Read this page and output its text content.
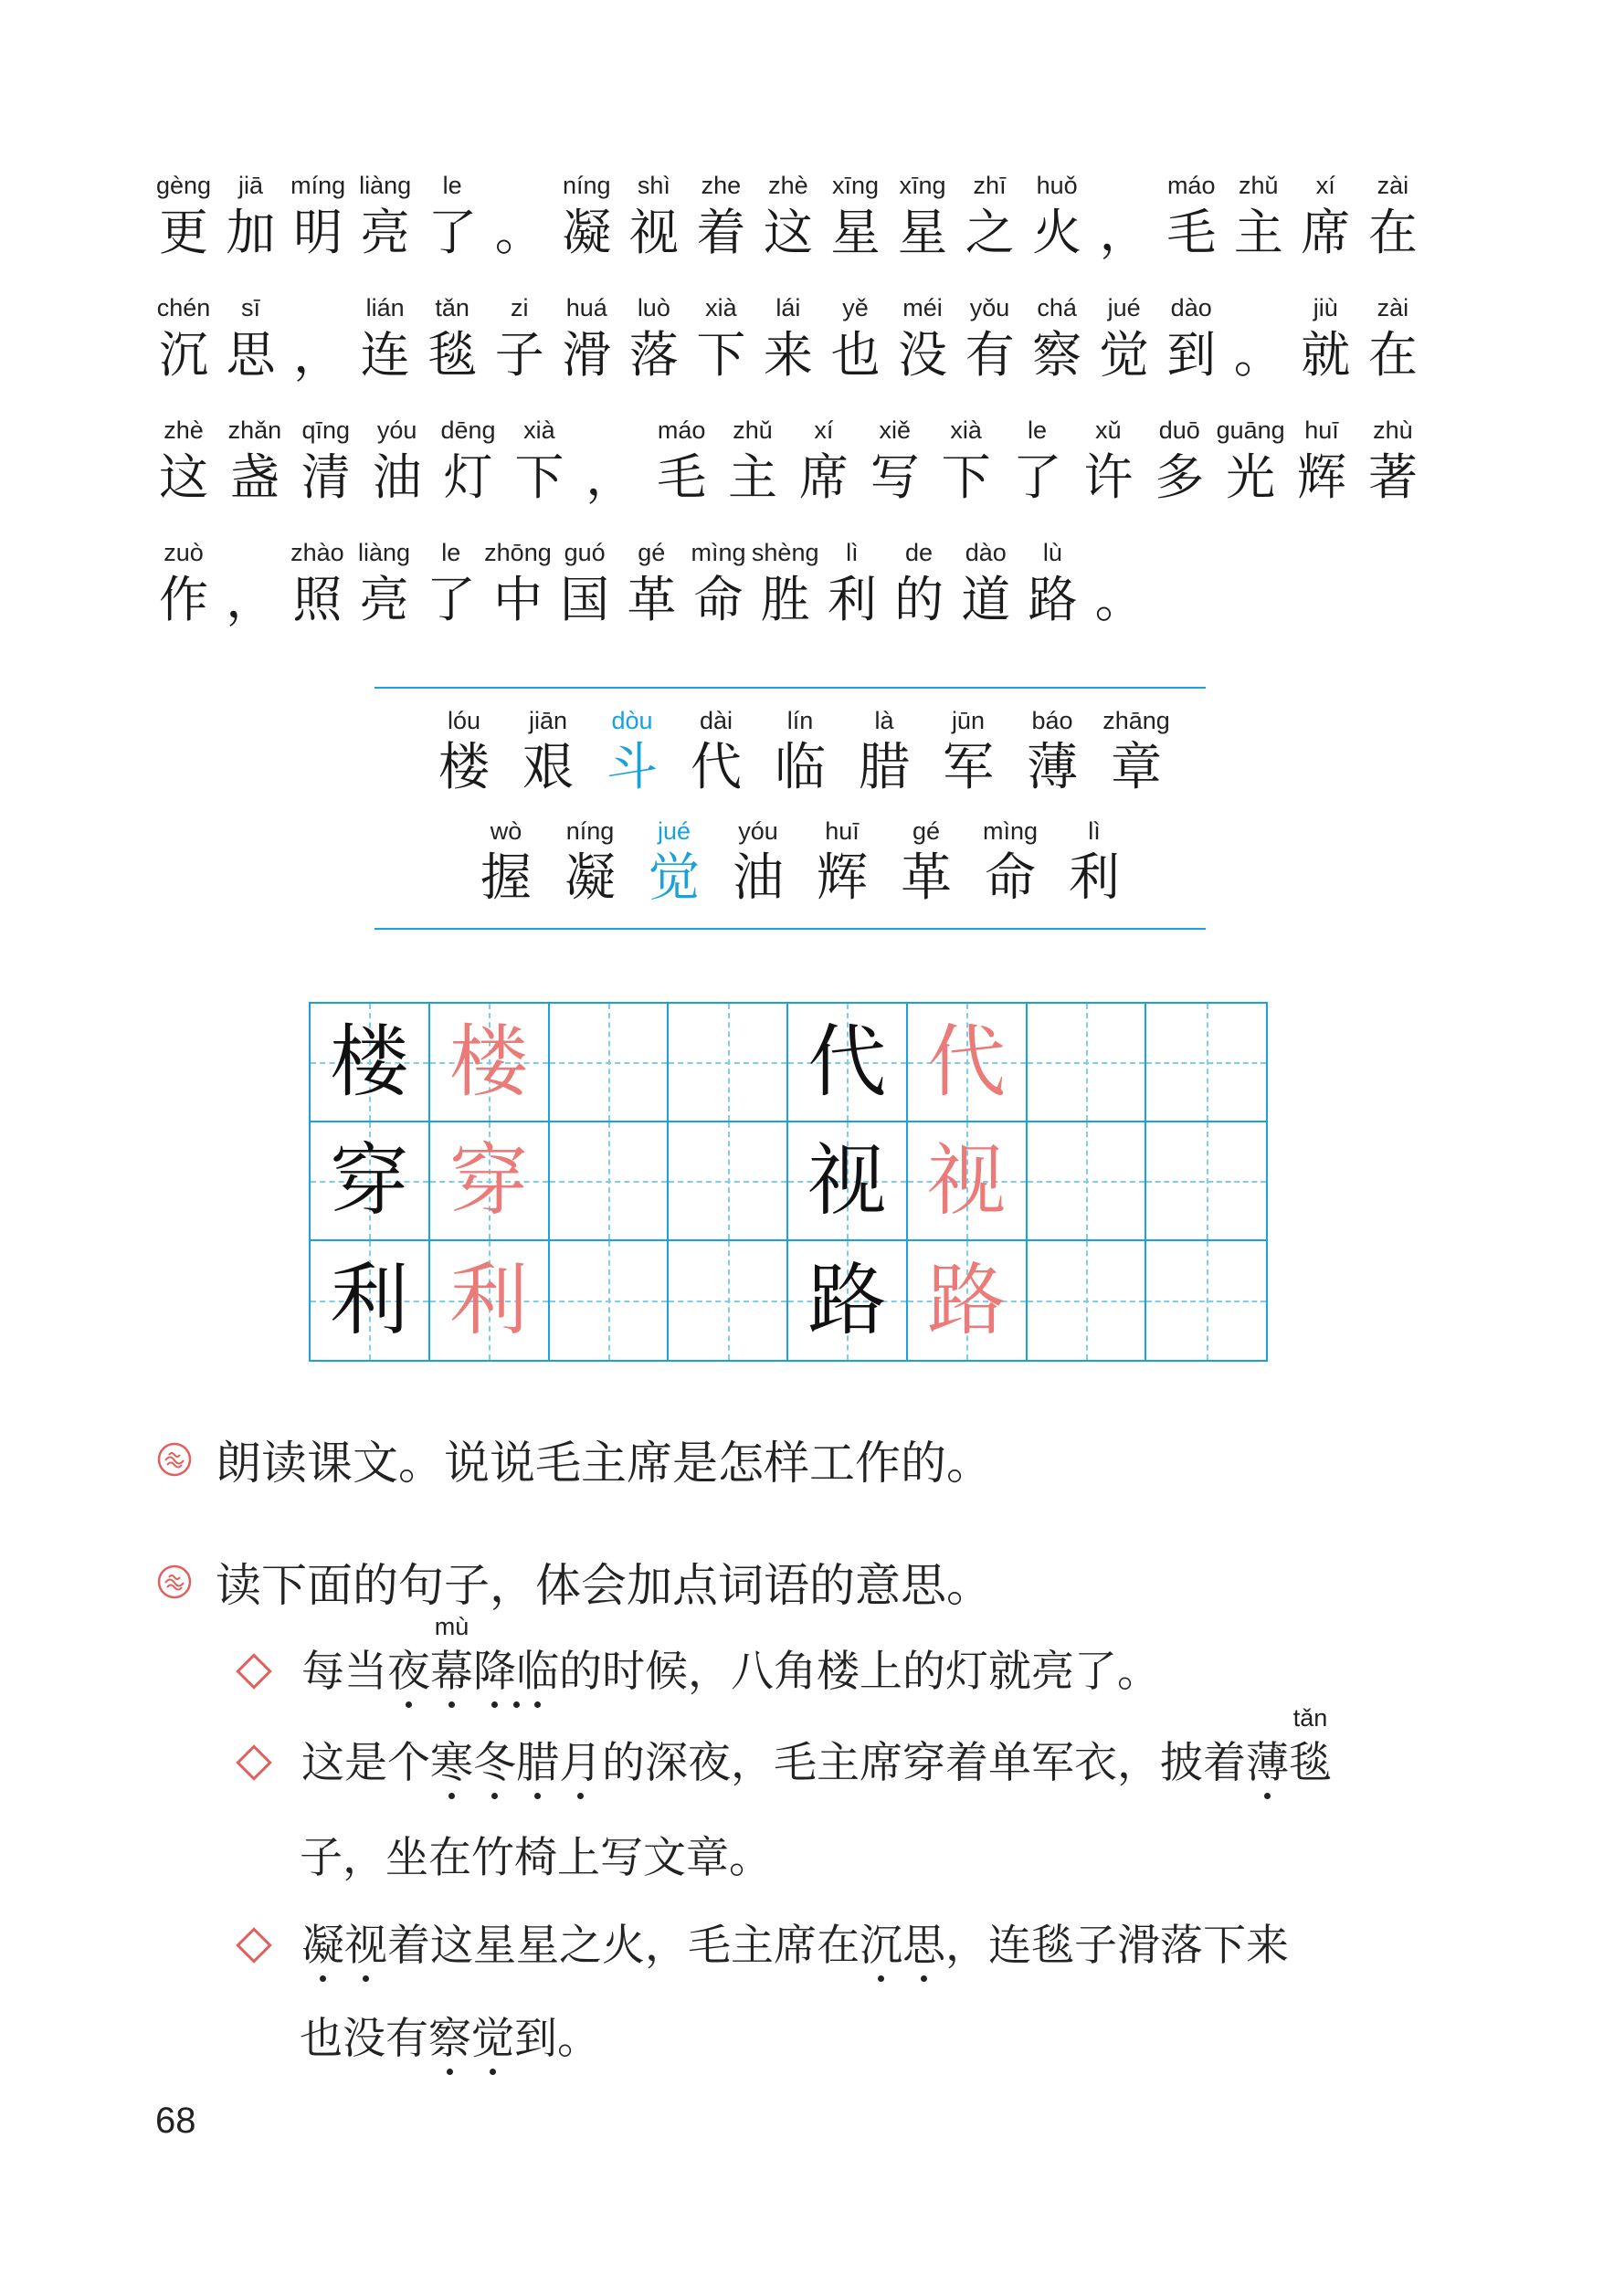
gèng
更
jiā
加
míng
明
liàng
亮
le
了 。
níng
凝
shì
视
zhe
着
zhè
这
xīng
星
xīng
星
zhī
之
huǒ
火 ，
máo
毛
zhǔ
主
xí
席
zài
在
chén
沉
sī
思 ，
lián
连
tǎn
毯
zi
子
huá
滑
luò
落
xià
下
lái
来
yě
也
méi
没
yǒu
有
chá
察
jué
觉
dào
到 。
jiù
就
zài
在
zhè
这
zhǎn
盏
qīng
清
yóu
油
dēng
灯
xià
下 ，
máo
毛
zhǔ
主
xí
席
xiě
写
xià
下
le
了
xǔ
许
duō
多
guāng
光
huī
辉
zhù
著
zuò
作 ，
zhào
照
liàng
亮
le
了
zhōng
中
guó
国
gé
革
mìng
命
shèng
胜
lì
利
de
的
dào
道
lù
路 。
lóu
楼
jiān
艰
dòu
斗
dài
代
lín
临
là
腊
jūn
军
báo
薄
zhāng
章
wò
握
níng
凝
jué
觉
yóu
油
huī
辉
gé
革
mìng
命
lì
利
楼 楼	代 代
穿 穿	视 视
利 利	路 路
朗读课文。说说毛主席是怎样工作的。
读下面的句子，体会加点词语的意思。
每当夜
mù
幕降临的时候，八角楼上的灯就亮了。
这是个寒冬腊月的深夜，毛主席穿着单军衣，披着薄
tǎn
毯
子，坐在竹椅上写文章。
凝视着这星星之火，毛主席在沉思，连毯子滑落下来
也没有察觉到。
68
